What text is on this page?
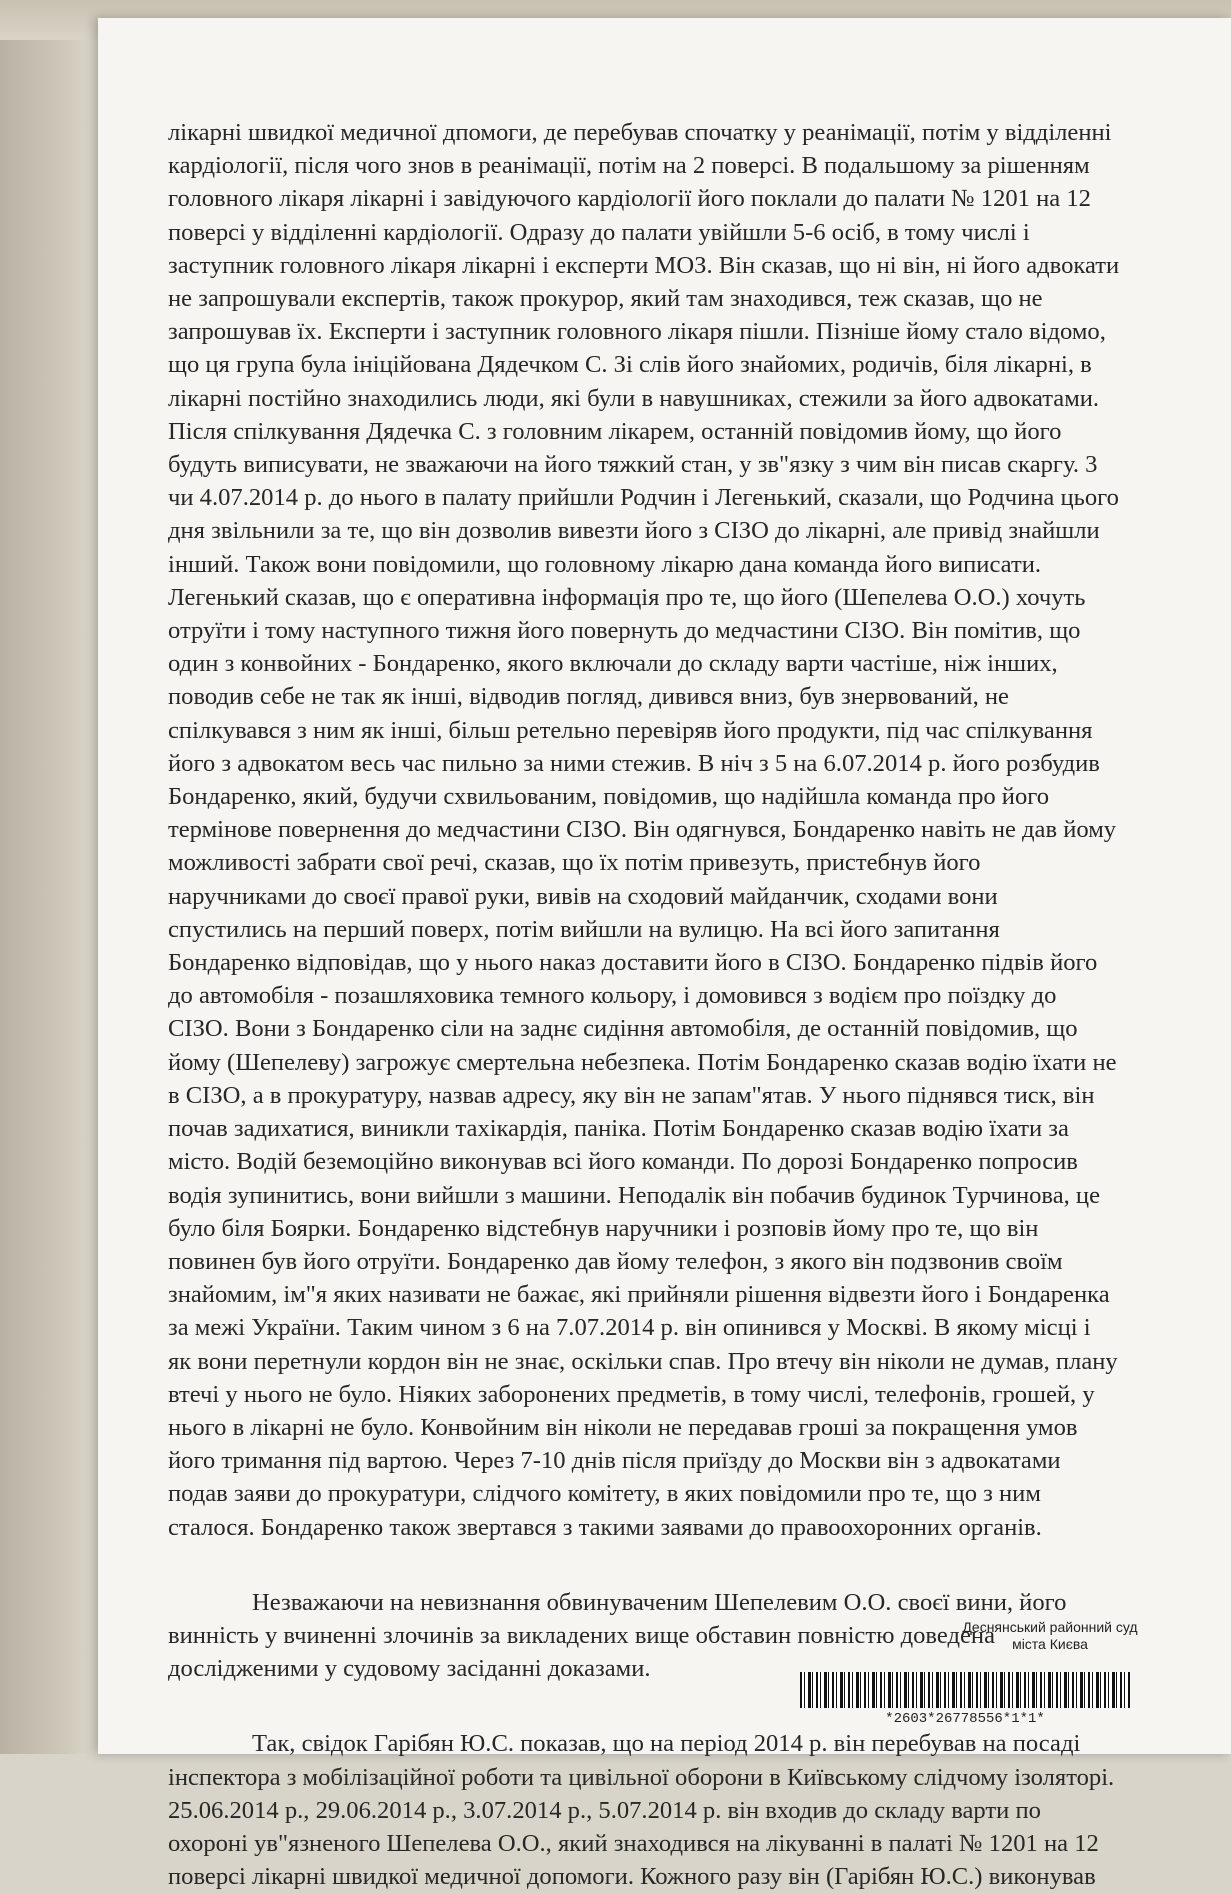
лікарні швидкої медичної дпомоги, де перебував спочатку у реанімації, потім у відділенні
кардіології, після чого знов в реанімації, потім на 2 поверсі. В подальшому за рішенням
головного лікаря лікарні і завідуючого кардіології його поклали до палати № 1201 на 12
поверсі у відділенні кардіології. Одразу до палати увійшли 5-6 осіб, в тому числі і
заступник головного лікаря лікарні і експерти МОЗ. Він сказав, що ні він, ні його адвокати
не запрошували експертів, також прокурор, який там знаходився, теж сказав, що не
запрошував їх. Експерти і заступник головного лікаря пішли. Пізніше йому стало відомо,
що ця група була ініційована Дядечком С. Зі слів його знайомих, родичів, біля лікарні, в
лікарні постійно знаходились люди, які були в навушниках, стежили за його адвокатами.
Після спілкування Дядечка С. з головним лікарем, останній повідомив йому, що його
будуть виписувати, не зважаючи на його тяжкий стан, у зв"язку з чим він писав скаргу. 3
чи 4.07.2014 р. до нього в палату прийшли Родчин і Легенький, сказали, що Родчина цього
дня звільнили за те, що він дозволив вивезти його з СІЗО до лікарні, але привід знайшли
інший. Також вони повідомили, що головному лікарю дана команда його виписати.
Легенький сказав, що є оперативна інформація про те, що його (Шепелева О.О.) хочуть
отруїти і тому наступного тижня його повернуть до медчастини СІЗО. Він помітив, що
один з конвойних - Бондаренко, якого включали до складу варти частіше, ніж інших,
поводив себе не так як інші, відводив погляд, дивився вниз, був знервований, не
спілкувався з ним як інші, більш ретельно перевіряв його продукти, під час спілкування
його з адвокатом весь час пильно за ними стежив. В ніч з 5 на 6.07.2014 р. його розбудив
Бондаренко, який, будучи схвильованим, повідомив, що надійшла команда про його
термінове повернення до медчастини СІЗО. Він одягнувся, Бондаренко навіть не дав йому
можливості забрати свої речі, сказав, що їх потім привезуть, пристебнув його
наручниками до своєї правої руки, вивів на сходовий майданчик, сходами вони
спустились на перший поверх, потім вийшли на вулицю. На всі його запитання
Бондаренко відповідав, що у нього наказ доставити його в СІЗО. Бондаренко підвів його
до автомобіля - позашляховика темного кольору, і домовився з водієм про поїздку до
СІЗО. Вони з Бондаренко сіли на заднє сидіння автомобіля, де останній повідомив, що
йому (Шепелеву) загрожує смертельна небезпека. Потім Бондаренко сказав водію їхати не
в СІЗО, а в прокуратуру, назвав адресу, яку він не запам"ятав. У нього піднявся тиск, він
почав задихатися, виникли тахікардія, паніка. Потім Бондаренко сказав водію їхати за
місто. Водій беземоційно виконував всі його команди. По дорозі Бондаренко попросив
водія зупинитись, вони вийшли з машини. Неподалік він побачив будинок Турчинова, це
було біля Боярки. Бондаренко відстебнув наручники і розповів йому про те, що він
повинен був його отруїти. Бондаренко дав йому телефон, з якого він подзвонив своїм
знайомим, ім"я яких називати не бажає, які прийняли рішення відвезти його і Бондаренка
за межі України. Таким чином з 6 на 7.07.2014 р. він опинився у Москві. В якому місці і
як вони перетнули кордон він не знає, оскільки спав. Про втечу він ніколи не думав, плану
втечі у нього не було. Ніяких заборонених предметів, в тому числі, телефонів, грошей, у
нього в лікарні не було. Конвойним він ніколи не передавав гроші за покращення умов
його тримання під вартою. Через 7-10 днів після приїзду до Москви він з адвокатами
подав заяви до прокуратури, слідчого комітету, в яких повідомили про те, що з ним
сталося. Бондаренко також звертався з такими заявами до правоохоронних органів.
Незважаючи на невизнання обвинуваченим Шепелевим О.О. своєї вини, його
винність у вчиненні злочинів за викладених вище обставин повністю доведена
дослідженими у судовому засіданні доказами.
Так, свідок Гарібян Ю.С. показав, що на період 2014 р. він перебував на посаді
інспектора з мобілізаційної роботи та цивільної оборони в Київському слідчому ізоляторі.
25.06.2014 р., 29.06.2014 р., 3.07.2014 р., 5.07.2014 р. він входив до складу варти по
охороні ув"язненого Шепелева О.О., який знаходився на лікуванні в палаті № 1201 на 12
поверсі лікарні швидкої медичної допомоги. Кожного разу він (Гарібян Ю.С.) виконував
Деснянський районний суд
міста Києва
*2603*26778556*1*1*
